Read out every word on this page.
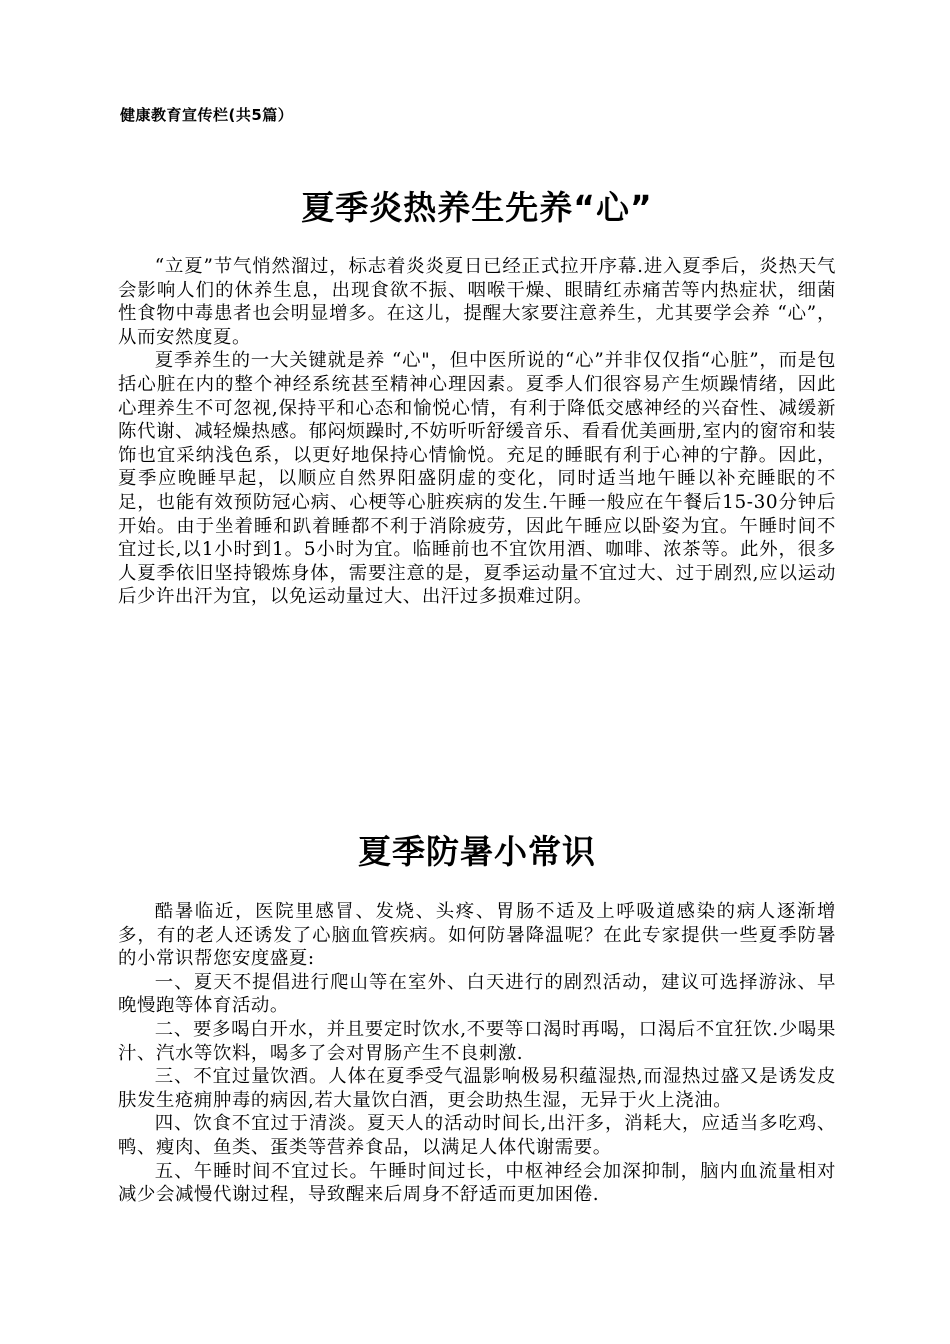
健康教育宣传栏(共5篇）
夏季炎热养生先养“心”

“立夏”节气悄然溜过，标志着炎炎夏日已经正式拉开序幕.进入夏季后，炎热天气会影响人们的休养生息，出现食欲不振、咽喉干燥、眼睛红赤痛苦等内热症状，细菌性食物中毒患者也会明显增多。在这儿，提醒大家要注意养生，尤其要学会养 “心”，从而安然度夏。

夏季养生的一大关键就是养 “心"，但中医所说的“心”并非仅仅指“心脏”，而是包括心脏在内的整个神经系统甚至精神心理因素。夏季人们很容易产生烦躁情绪，因此心理养生不可忽视,保持平和心态和愉悦心情，有利于降低交感神经的兴奋性、减缓新陈代谢、减轻燥热感。郁闷烦躁时,不妨听听舒缓音乐、看看优美画册,室内的窗帘和装饰也宜采纳浅色系，以更好地保持心情愉悦。充足的睡眠有利于心神的宁静。因此，夏季应晚睡早起，以顺应自然界阳盛阴虚的变化，同时适当地午睡以补充睡眠的不足，也能有效预防冠心病、心梗等心脏疾病的发生.午睡一般应在午餐后15-30分钟后开始。由于坐着睡和趴着睡都不利于消除疲劳，因此午睡应以卧姿为宜。午睡时间不宜过长,以1小时到1。5小时为宜。临睡前也不宜饮用酒、咖啡、浓茶等。此外，很多人夏季依旧坚持锻炼身体，需要注意的是，夏季运动量不宜过大、过于剧烈,应以运动后少许出汗为宜，以免运动量过大、出汗过多损难过阴。

夏季防暑小常识

酷暑临近，医院里感冒、发烧、头疼、胃肠不适及上呼吸道感染的病人逐渐增多，有的老人还诱发了心脑血管疾病。如何防暑降温呢？在此专家提供一些夏季防暑的小常识帮您安度盛夏:

一、夏天不提倡进行爬山等在室外、白天进行的剧烈活动，建议可选择游泳、早晚慢跑等体育活动。

二、要多喝白开水，并且要定时饮水,不要等口渴时再喝，口渴后不宜狂饮.少喝果汁、汽水等饮料，喝多了会对胃肠产生不良刺激.

三、不宜过量饮酒。人体在夏季受气温影响极易积蕴湿热,而湿热过盛又是诱发皮肤发生疮痈肿毒的病因,若大量饮白酒，更会助热生湿，无异于火上浇油。

四、饮食不宜过于清淡。夏天人的活动时间长,出汗多，消耗大，应适当多吃鸡、鸭、瘦肉、鱼类、蛋类等营养食品，以满足人体代谢需要。

五、午睡时间不宜过长。午睡时间过长，中枢神经会加深抑制，脑内血流量相对减少会减慢代谢过程，导致醒来后周身不舒适而更加困倦.
